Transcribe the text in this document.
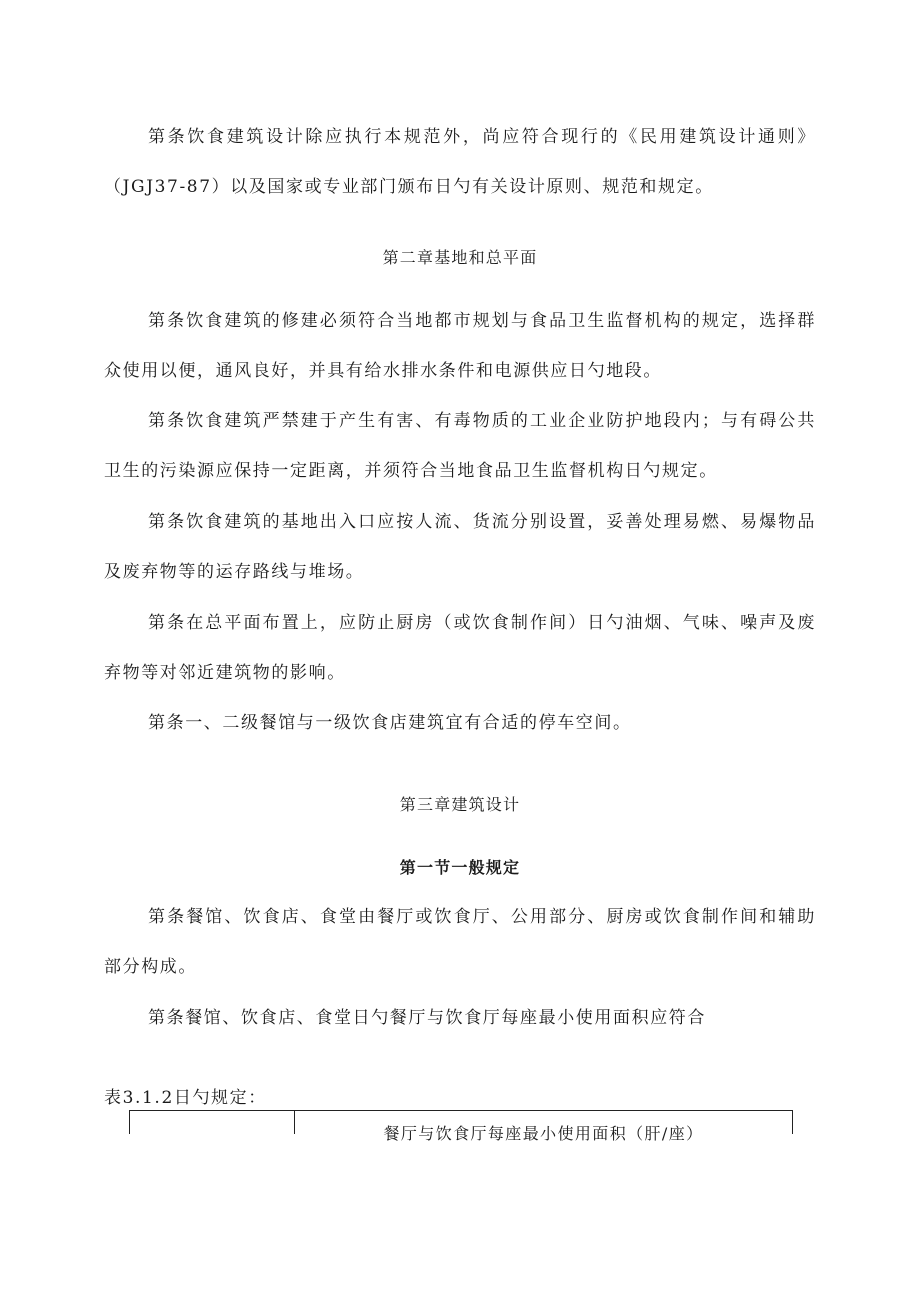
第条饮食建筑设计除应执行本规范外，尚应符合现行的《民用建筑设计通则》（JGJ37-87）以及国家或专业部门颁布日勺有关设计原则、规范和规定。

第二章基地和总平面

第条饮食建筑的修建必须符合当地都市规划与食品卫生监督机构的规定，选择群众使用以便，通风良好，并具有给水排水条件和电源供应日勺地段。

第条饮食建筑严禁建于产生有害、有毒物质的工业企业防护地段内；与有碍公共卫生的污染源应保持一定距离，并须符合当地食品卫生监督机构日勺规定。

第条饮食建筑的基地出入口应按人流、货流分别设置，妥善处理易燃、易爆物品及废弃物等的运存路线与堆场。

第条在总平面布置上，应防止厨房（或饮食制作间）日勺油烟、气味、噪声及废弃物等对邻近建筑物的影响。

第条一、二级餐馆与一级饮食店建筑宜有合适的停车空间。

第三章建筑设计

第一节一般规定

第条餐馆、饮食店、食堂由餐厅或饮食厅、公用部分、厨房或饮食制作间和辅助部分构成。

第条餐馆、饮食店、食堂日勺餐厅与饮食厅每座最小使用面积应符合

表3.1.2日勺规定：

餐厅与饮食厅每座最小使用面积（肝/座）
